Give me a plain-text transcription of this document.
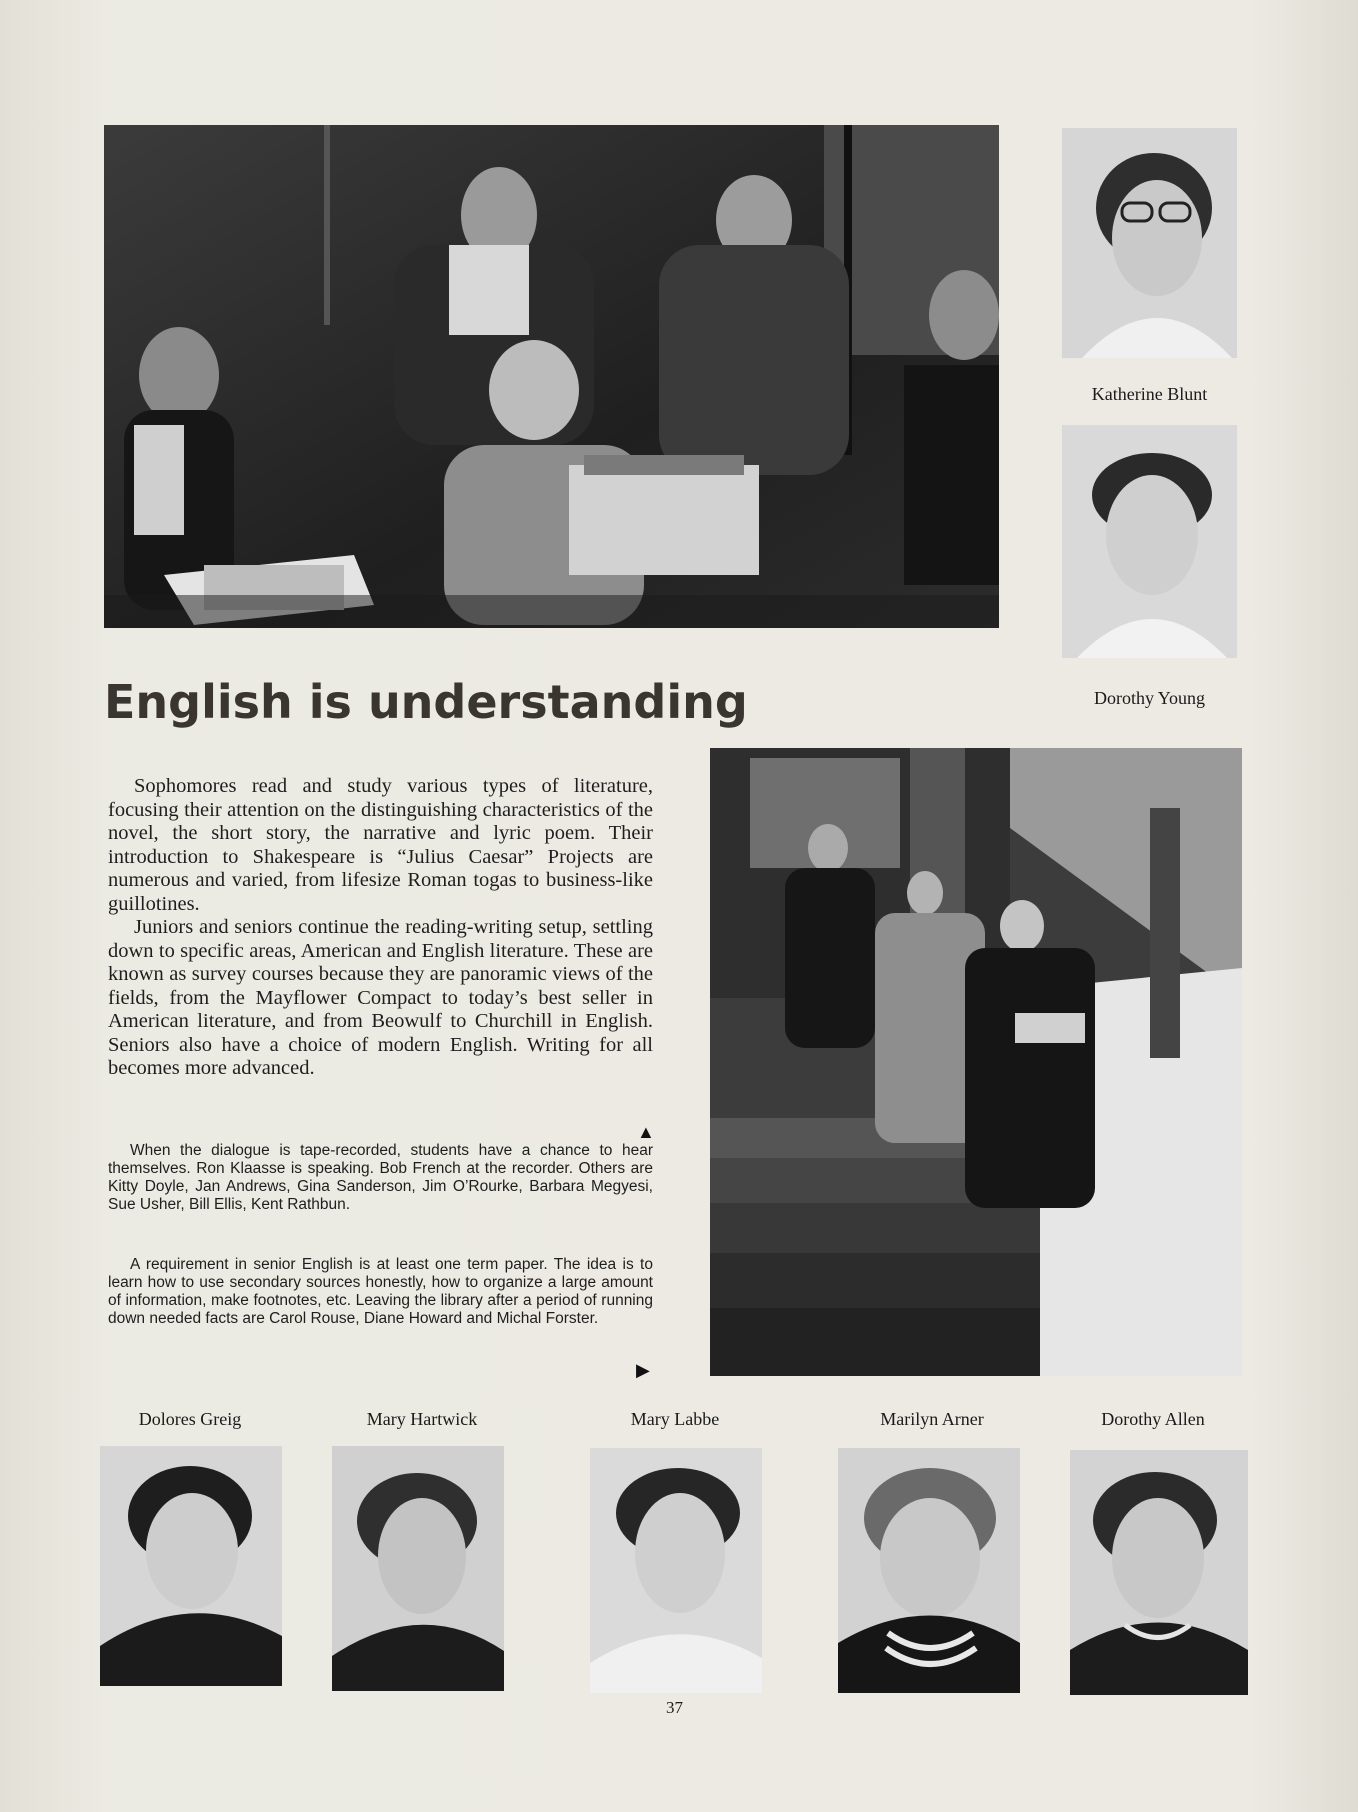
Katherine Blunt
Dorothy Young
English is understanding

Sophomores read and study various types of literature, focusing their attention on the distinguishing characteristics of the novel, the short story, the narrative and lyric poem. Their introduction to Shakespeare is “Julius Caesar” Projects are numerous and varied, from lifesize Roman togas to business-like guillotines.

Juniors and seniors continue the reading-writing setup, settling down to specific areas, American and English literature. These are known as survey courses because they are panoramic views of the fields, from the Mayflower Compact to today’s best seller in American literature, and from Beowulf to Churchill in English. Seniors also have a choice of modern English. Writing for all becomes more advanced.

▲

When the dialogue is tape-recorded, students have a chance to hear themselves. Ron Klaasse is speaking. Bob French at the recorder. Others are Kitty Doyle, Jan Andrews, Gina Sanderson, Jim O’Rourke, Barbara Megyesi, Sue Usher, Bill Ellis, Kent Rathbun.

A requirement in senior English is at least one term paper. The idea is to learn how to use secondary sources honestly, how to organize a large amount of information, make footnotes, etc. Leaving the library after a period of running down needed facts are Carol Rouse, Diane Howard and Michal Forster.

▶
Dolores Greig	Mary Hartwick	Mary Labbe	Marilyn Arner	Dorothy Allen
37
